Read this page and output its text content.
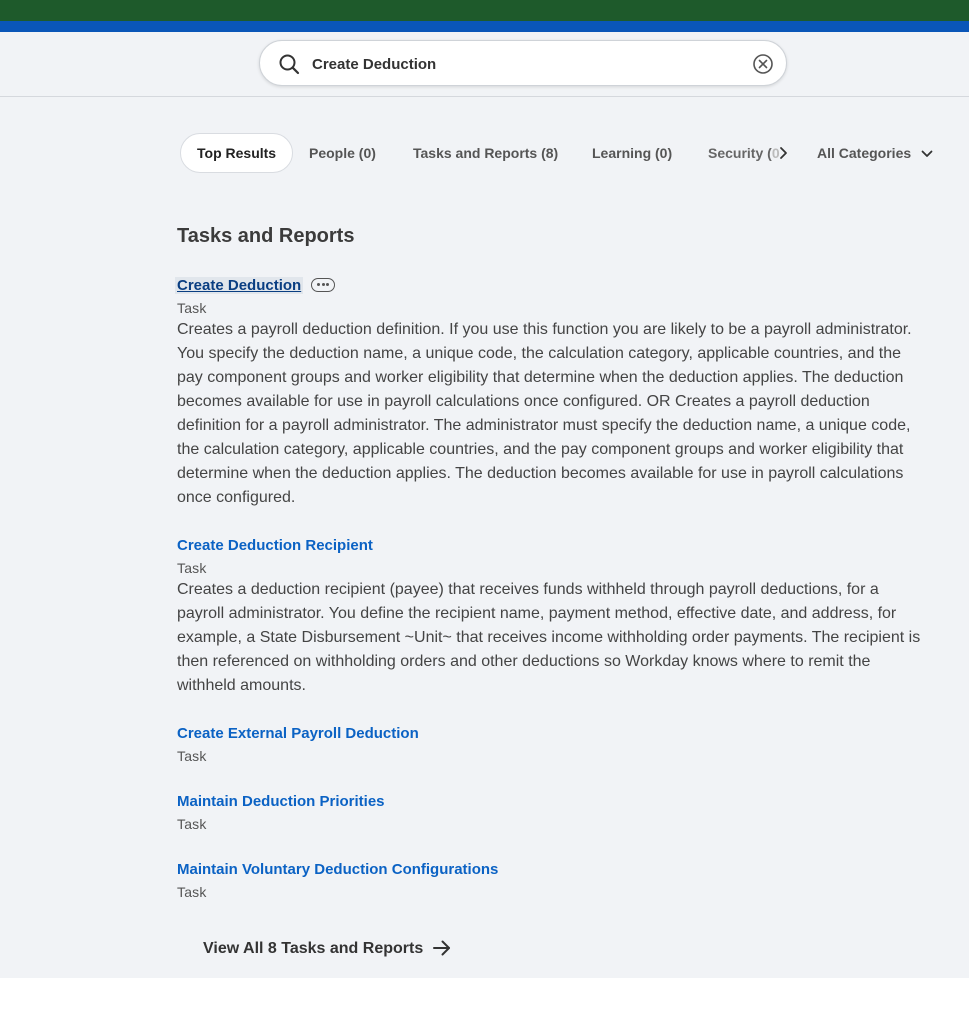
Create Deduction
Top Results	People (0)	Tasks and Reports (8) Learning (0)	Security (0	All Categories
Tasks and Reports
Create Deduction
Task
Creates a payroll deduction definition. If you use this function you are likely to be a payroll administrator. You specify the deduction name, a unique code, the calculation category, applicable countries, and the pay component groups and worker eligibility that determine when the deduction applies. The deduction becomes available for use in payroll calculations once configured. OR Creates a payroll deduction definition for a payroll administrator. The administrator must specify the deduction name, a unique code, the calculation category, applicable countries, and the pay component groups and worker eligibility that determine when the deduction applies. The deduction becomes available for use in payroll calculations once configured.
Create Deduction Recipient
Task
Creates a deduction recipient (payee) that receives funds withheld through payroll deductions, for a payroll administrator. You define the recipient name, payment method, effective date, and address, for example, a State Disbursement ~Unit~ that receives income withholding order payments. The recipient is then referenced on withholding orders and other deductions so Workday knows where to remit the withheld amounts.
Create External Payroll Deduction
Task
Maintain Deduction Priorities
Task
Maintain Voluntary Deduction Configurations
Task
View All 8 Tasks and Reports
